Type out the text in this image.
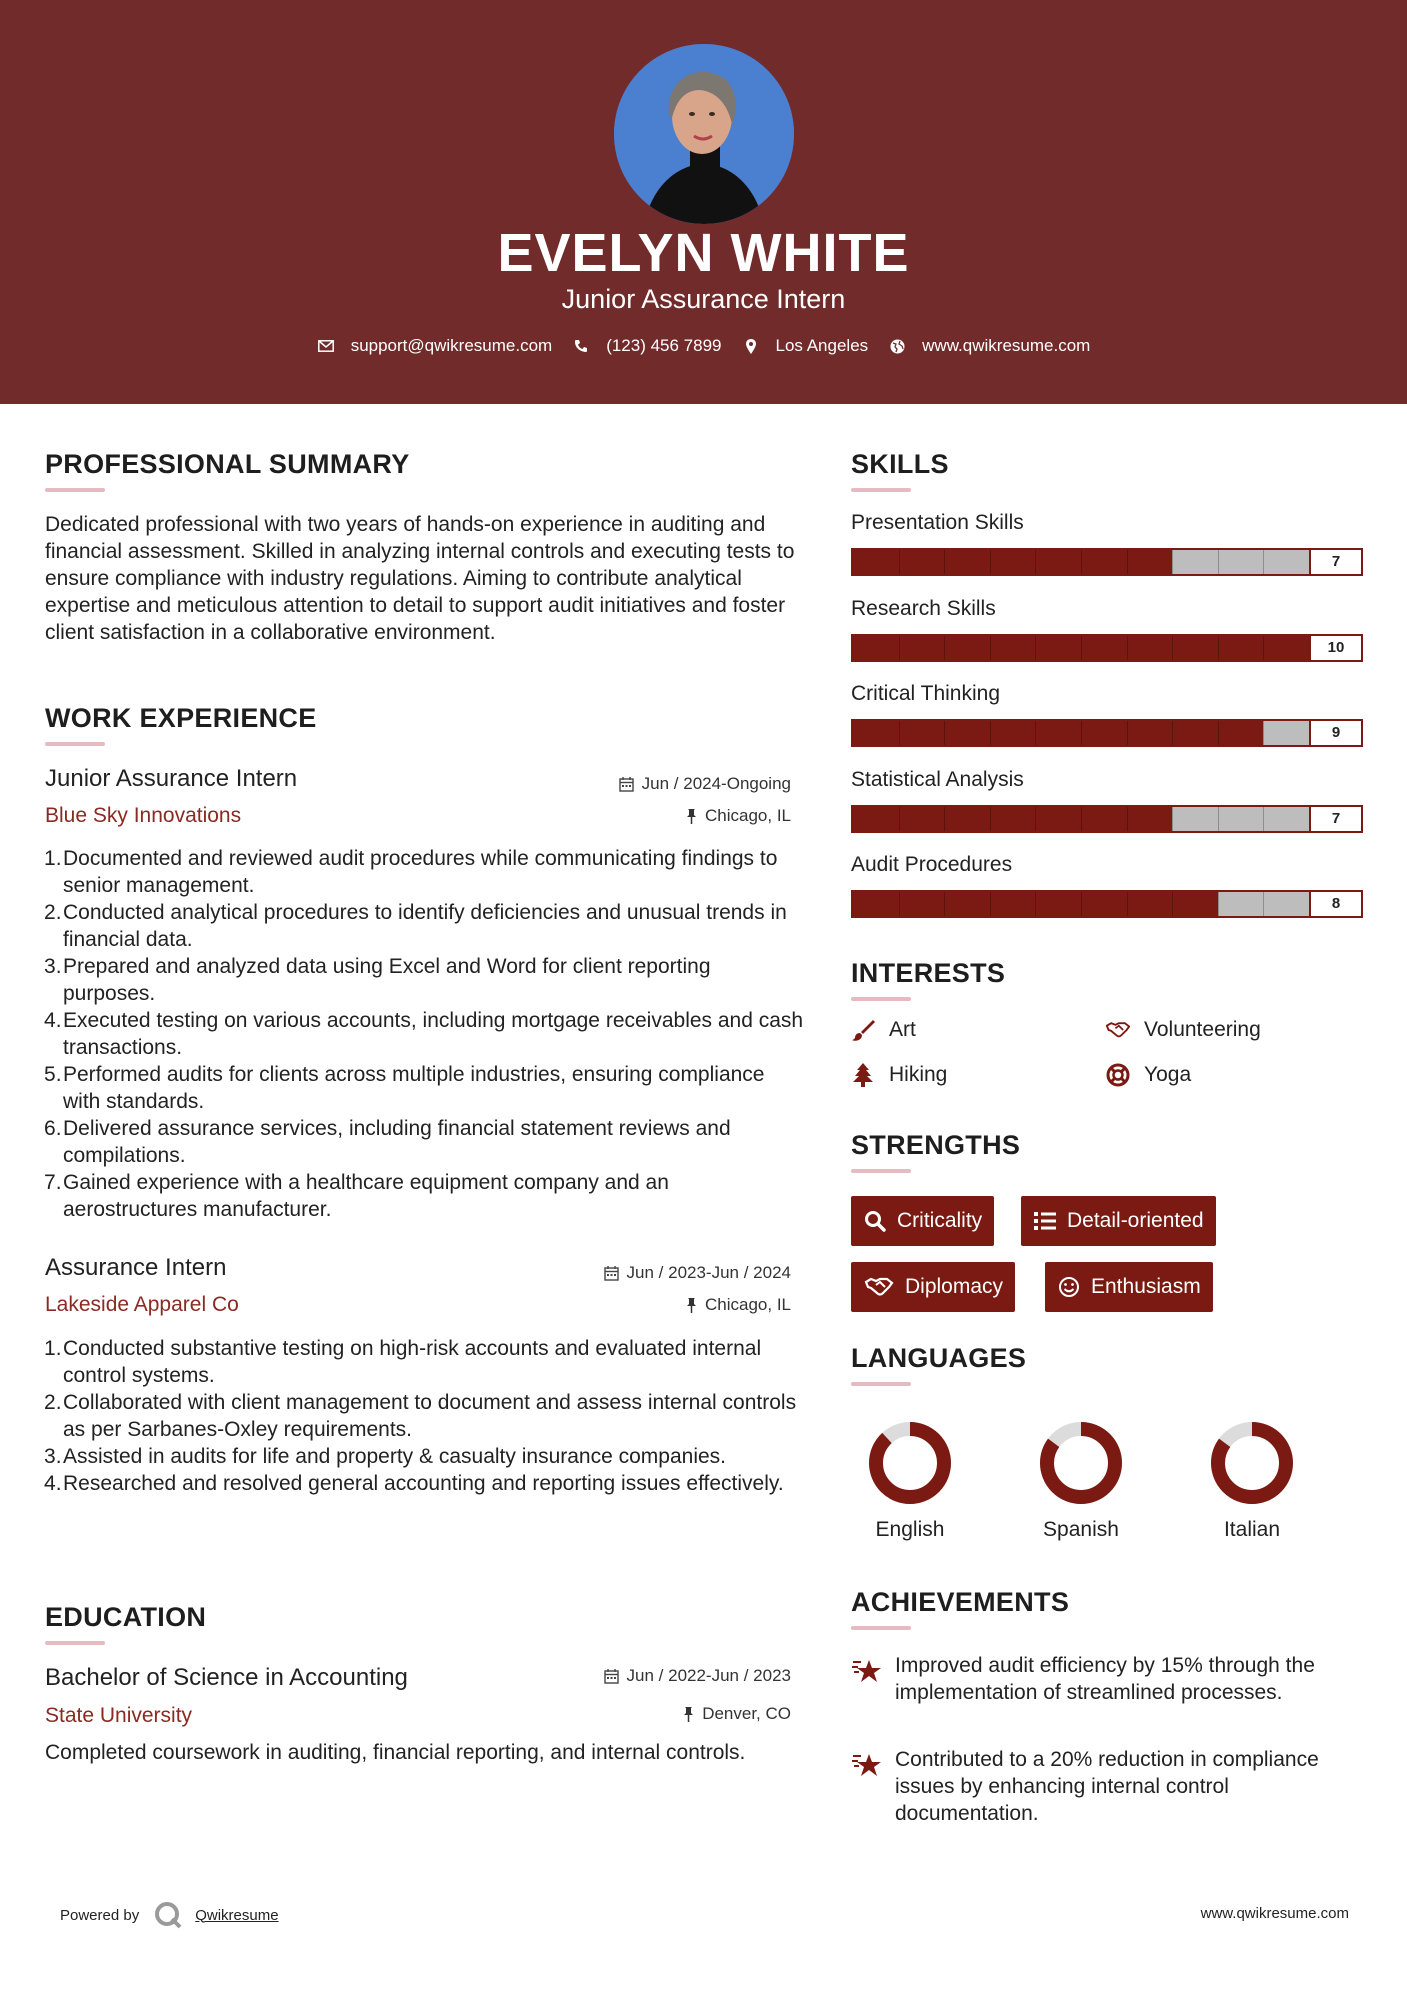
EVELYN WHITE
Junior Assurance Intern
support@qwikresume.com	(123) 456 7899	Los Angeles	www.qwikresume.com
PROFESSIONAL SUMMARY
Dedicated professional with two years of hands-on experience in auditing and financial assessment. Skilled in analyzing internal controls and executing tests to ensure compliance with industry regulations. Aiming to contribute analytical expertise and meticulous attention to detail to support audit initiatives and foster client satisfaction in a collaborative environment.
WORK EXPERIENCE
Junior Assurance Intern	Jun / 2024-Ongoing
Blue Sky Innovations	Chicago, IL
Documented and reviewed audit procedures while communicating findings to senior management.
Conducted analytical procedures to identify deficiencies and unusual trends in financial data.
Prepared and analyzed data using Excel and Word for client reporting purposes.
Executed testing on various accounts, including mortgage receivables and cash transactions.
Performed audits for clients across multiple industries, ensuring compliance with standards.
Delivered assurance services, including financial statement reviews and compilations.
Gained experience with a healthcare equipment company and an aerostructures manufacturer.
Assurance Intern	Jun / 2023-Jun / 2024
Lakeside Apparel Co	Chicago, IL
Conducted substantive testing on high-risk accounts and evaluated internal control systems.
Collaborated with client management to document and assess internal controls as per Sarbanes-Oxley requirements.
Assisted in audits for life and property & casualty insurance companies.
Researched and resolved general accounting and reporting issues effectively.
EDUCATION
Bachelor of Science in Accounting	Jun / 2022-Jun / 2023
State University	Denver, CO
Completed coursework in auditing, financial reporting, and internal controls.
SKILLS
Presentation Skills
7
Research Skills
10
Critical Thinking
9
Statistical Analysis
7
Audit Procedures
8
INTERESTS
Art	Volunteering
Hiking	Yoga
STRENGTHS
Criticality	Detail-oriented
Diplomacy	Enthusiasm
LANGUAGES
English	Spanish	Italian
ACHIEVEMENTS
Improved audit efficiency by 15% through the implementation of streamlined processes.
Contributed to a 20% reduction in compliance issues by enhancing internal control documentation.
Powered by	Qwikresume	www.qwikresume.com
